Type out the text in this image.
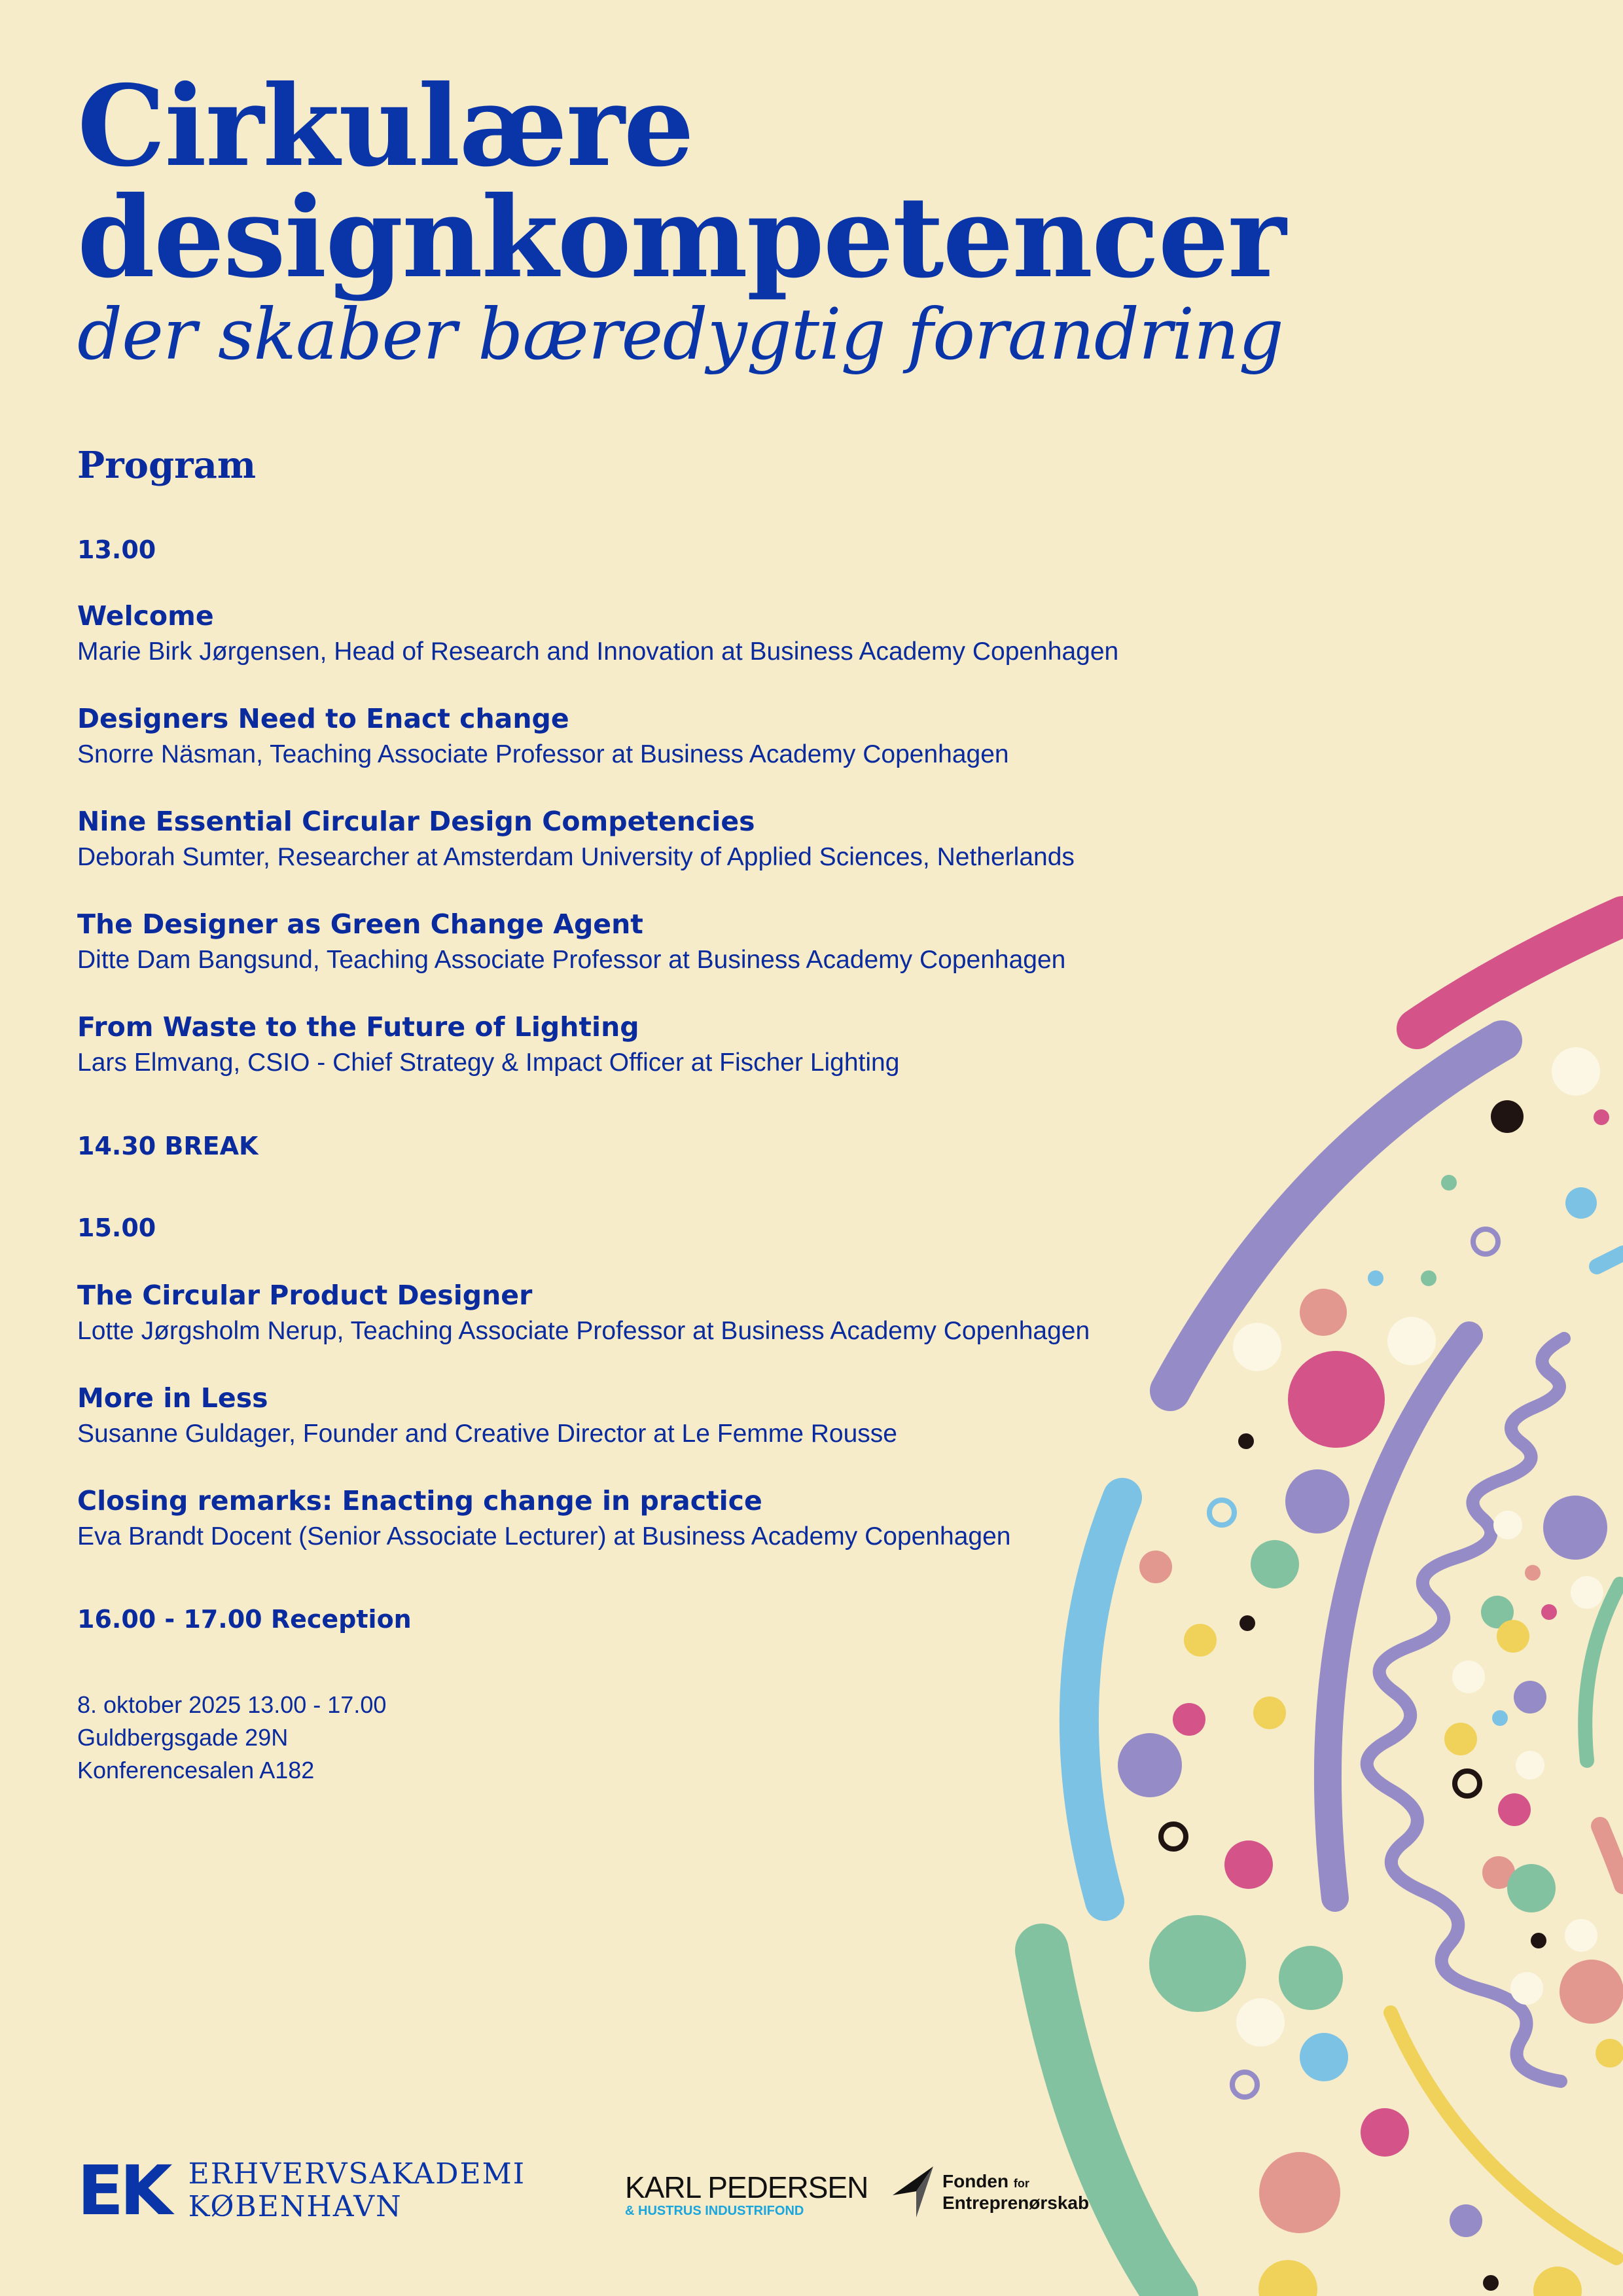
Cirkulære
designkompetencer
der skaber bæredygtig forandring
Program
13.00
Welcome
Marie Birk Jørgensen, Head of Research and Innovation at Business Academy Copenhagen
Designers Need to Enact change
Snorre Näsman, Teaching Associate Professor at Business Academy Copenhagen
Nine Essential Circular Design Competencies
Deborah Sumter, Researcher at Amsterdam University of Applied Sciences, Netherlands
The Designer as Green Change Agent
Ditte Dam Bangsund, Teaching Associate Professor at Business Academy Copenhagen
From Waste to the Future of Lighting
Lars Elmvang, CSIO - Chief Strategy & Impact Officer at Fischer Lighting
14.30 BREAK
15.00
The Circular Product Designer
Lotte Jørgsholm Nerup, Teaching Associate Professor at Business Academy Copenhagen
More in Less
Susanne Guldager, Founder and Creative Director at Le Femme Rousse
Closing remarks: Enacting change in practice
Eva Brandt Docent (Senior Associate Lecturer) at Business Academy Copenhagen
16.00 - 17.00 Reception
8. oktober 2025 13.00 - 17.00
Guldbergsgade 29N
Konferencesalen A182
EK ERHVERVSAKADEMI
KØBENHAVN
KARL PEDERSEN
& HUSTRUS INDUSTRIFOND
Fonden for
Entreprenørskab
